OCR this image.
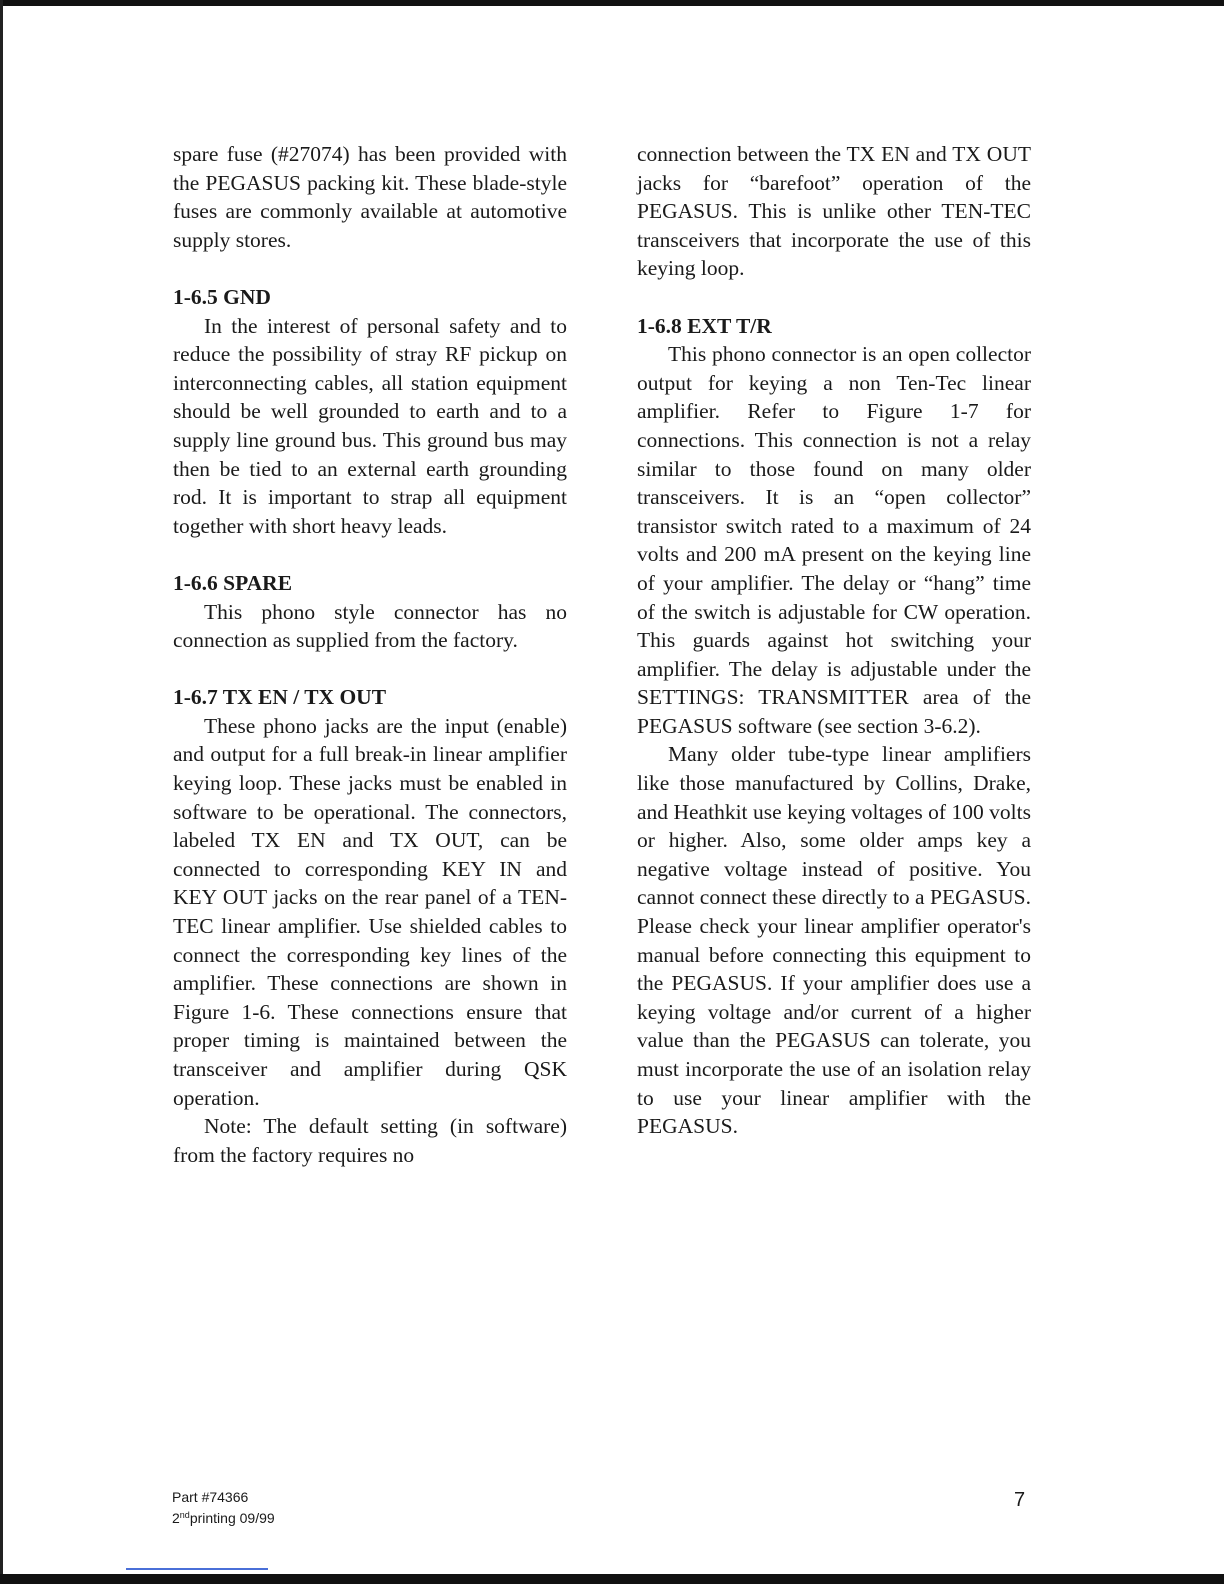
spare fuse (#27074) has been provided with the PEGASUS packing kit. These blade-style fuses are commonly available at automotive supply stores.

1-6.5 GND

In the interest of personal safety and to reduce the possibility of stray RF pickup on interconnecting cables, all station equipment should be well grounded to earth and to a supply line ground bus. This ground bus may then be tied to an external earth grounding rod. It is important to strap all equipment together with short heavy leads.

1-6.6 SPARE

This phono style connector has no connection as supplied from the factory.

1-6.7 TX EN / TX OUT

These phono jacks are the input (enable) and output for a full break-in linear amplifier keying loop. These jacks must be enabled in software to be operational. The connectors, labeled TX EN and TX OUT, can be connected to corresponding KEY IN and KEY OUT jacks on the rear panel of a TEN-TEC linear amplifier. Use shielded cables to connect the corresponding key lines of the amplifier. These connections are shown in Figure 1-6. These connections ensure that proper timing is maintained between the transceiver and amplifier during QSK operation.

Note: The default setting (in software) from the factory requires no

connection between the TX EN and TX OUT jacks for “barefoot” operation of the PEGASUS. This is unlike other TEN-TEC transceivers that incorporate the use of this keying loop.

1-6.8 EXT T/R

This phono connector is an open collector output for keying a non Ten-Tec linear amplifier. Refer to Figure 1-7 for connections. This connection is not a relay similar to those found on many older transceivers. It is an “open collector” transistor switch rated to a maximum of 24 volts and 200 mA present on the keying line of your amplifier. The delay or “hang” time of the switch is adjustable for CW operation. This guards against hot switching your amplifier. The delay is adjustable under the SETTINGS: TRANSMITTER area of the PEGASUS software (see section 3-6.2).

Many older tube-type linear amplifiers like those manufactured by Collins, Drake, and Heathkit use keying voltages of 100 volts or higher. Also, some older amps key a negative voltage instead of positive. You cannot connect these directly to a PEGASUS. Please check your linear amplifier operator's manual before connecting this equipment to the PEGASUS. If your amplifier does use a keying voltage and/or current of a higher value than the PEGASUS can tolerate, you must incorporate the use of an isolation relay to use your linear amplifier with the PEGASUS.

Part #74366
2ndprinting 09/99
7
